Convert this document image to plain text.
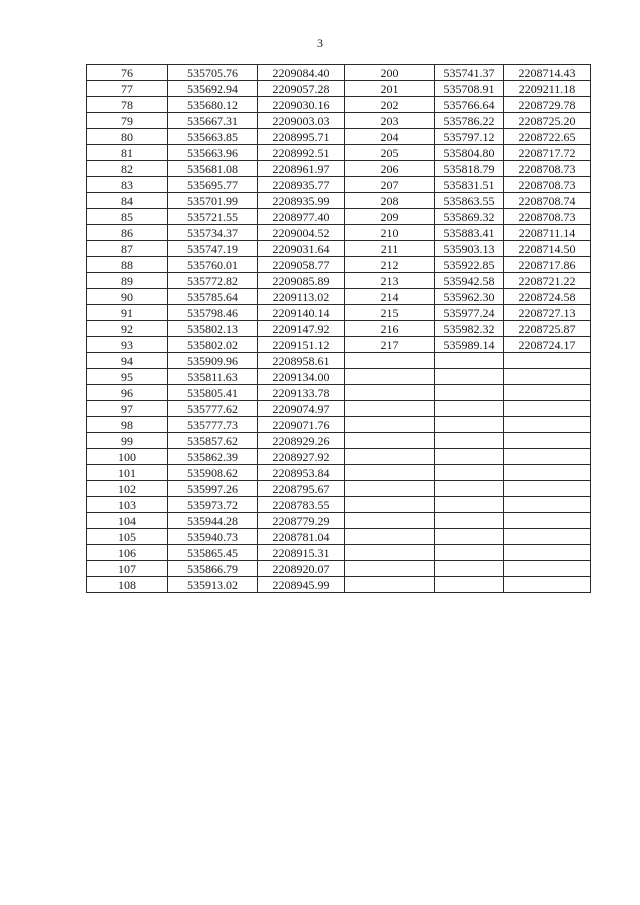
3
76	535705.76	2209084.40	200	535741.37	2208714.43
77	535692.94	2209057.28	201	535708.91	2209211.18
78	535680.12	2209030.16	202	535766.64	2208729.78
79	535667.31	2209003.03	203	535786.22	2208725.20
80	535663.85	2208995.71	204	535797.12	2208722.65
81	535663.96	2208992.51	205	535804.80	2208717.72
82	535681.08	2208961.97	206	535818.79	2208708.73
83	535695.77	2208935.77	207	535831.51	2208708.73
84	535701.99	2208935.99	208	535863.55	2208708.74
85	535721.55	2208977.40	209	535869.32	2208708.73
86	535734.37	2209004.52	210	535883.41	2208711.14
87	535747.19	2209031.64	211	535903.13	2208714.50
88	535760.01	2209058.77	212	535922.85	2208717.86
89	535772.82	2209085.89	213	535942.58	2208721.22
90	535785.64	2209113.02	214	535962.30	2208724.58
91	535798.46	2209140.14	215	535977.24	2208727.13
92	535802.13	2209147.92	216	535982.32	2208725.87
93	535802.02	2209151.12	217	535989.14	2208724.17
94	535909.96	2208958.61			
95	535811.63	2209134.00			
96	535805.41	2209133.78			
97	535777.62	2209074.97			
98	535777.73	2209071.76			
99	535857.62	2208929.26			
100	535862.39	2208927.92			
101	535908.62	2208953.84			
102	535997.26	2208795.67			
103	535973.72	2208783.55			
104	535944.28	2208779.29			
105	535940.73	2208781.04			
106	535865.45	2208915.31			
107	535866.79	2208920.07			
108	535913.02	2208945.99			
